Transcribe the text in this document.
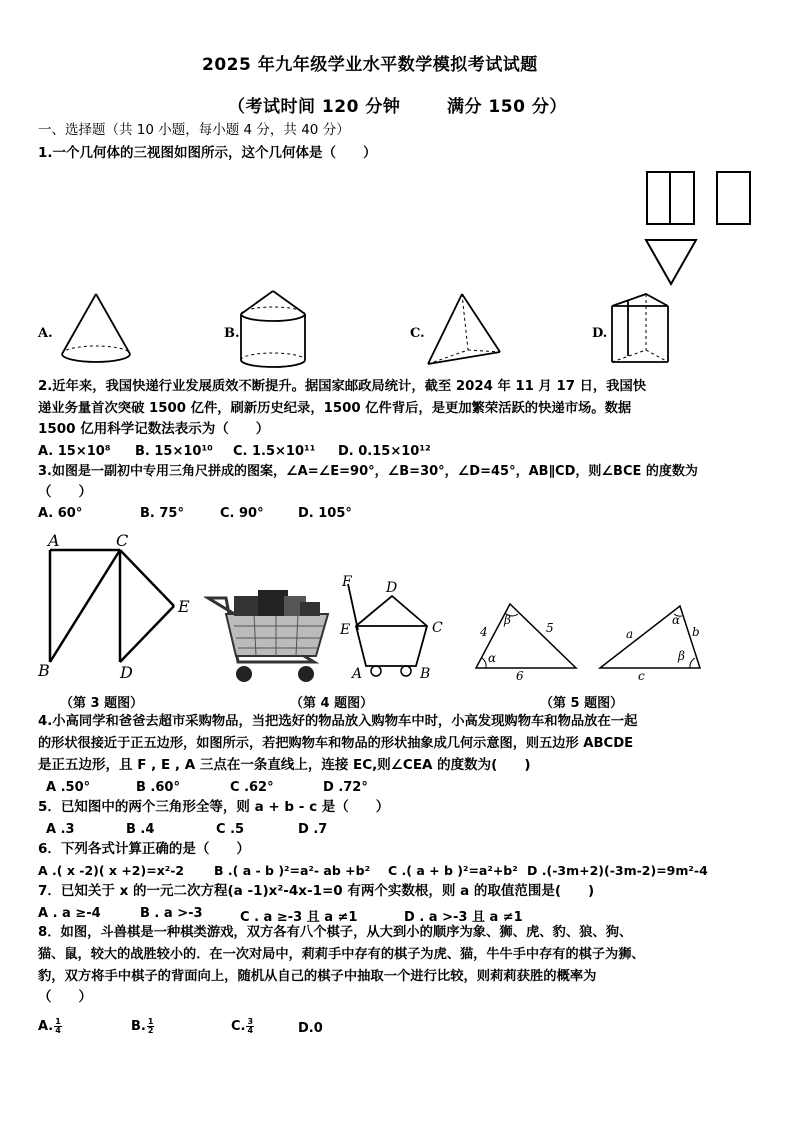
2025 年九年级学业水平数学模拟考试试题
（考试时间 120 分钟	满分 150 分）
一、选择题（共 10 小题，每小题 4 分，共 40 分）
1.一个几何体的三视图如图所示，这个几何体是（　　）
A.	B.	C.	D.
2.近年来，我国快递行业发展质效不断提升。据国家邮政局统计，截至 2024 年 11 月 17 日，我国快
递业务量首次突破 1500 亿件，刷新历史纪录，1500 亿件背后，是更加繁荣活跃的快递市场。数据
1500 亿用科学记数法表示为（　　）
A. 15×10⁸ B. 15×10¹⁰ C. 1.5×10¹¹ D. 0.15×10¹²
3.如图是一副初中专用三角尺拼成的图案，∠A=∠E=90°，∠B=30°，∠D=45°，AB∥CD，则∠BCE 的度数为
（　　）
A. 60°	B. 75°	C. 90°	D. 105°
A	C
E
B	D
F D
E	C
A	B
β
4	5
α
6
α
a	b
β
c
（第 3 题图）	（第 4 题图）	（第 5 题图）
4.小高同学和爸爸去超市采购物品，当把选好的物品放入购物车中时，小高发现购物车和物品放在一起
的形状很接近于正五边形，如图所示，若把购物车和物品的形状抽象成几何示意图，则五边形 ABCDE
是正五边形，且 F , E , A 三点在一条直线上，连接 EC,则∠CEA 的度数为(　　)
A .50°	B .60°	C .62°	D .72°
5．已知图中的两个三角形全等，则 a + b - c 是（　　）
A .3	B .4	C .5	D .7
6．下列各式计算正确的是（　　）
A .( x -2)( x +2)=x²-2 B .( a - b )²=a²- ab +b² C .( a + b )²=a²+b² D .(-3m+2)(-3m-2)=9m²-4
7．已知关于 x 的一元二次方程(a -1)x²-4x-1=0 有两个实数根，则 a 的取值范围是(　　)
A . a ≥-4	B . a >-3	C . a ≥-3 且 a ≠1	D . a >-3 且 a ≠1
8．如图，斗兽棋是一种棋类游戏，双方各有八个棋子，从大到小的顺序为象、狮、虎、豹、狼、狗、
猫、鼠，较大的战胜较小的．在一次对局中，莉莉手中存有的棋子为虎、猫，牛牛手中存有的棋子为狮、
豹，双方将手中棋子的背面向上，随机从自己的棋子中抽取一个进行比较，则莉莉获胜的概率为
（　　）
A. $\frac{1}{4}$	B. $\frac{1}{2}$	C. $\frac{3}{4}$	D.0
